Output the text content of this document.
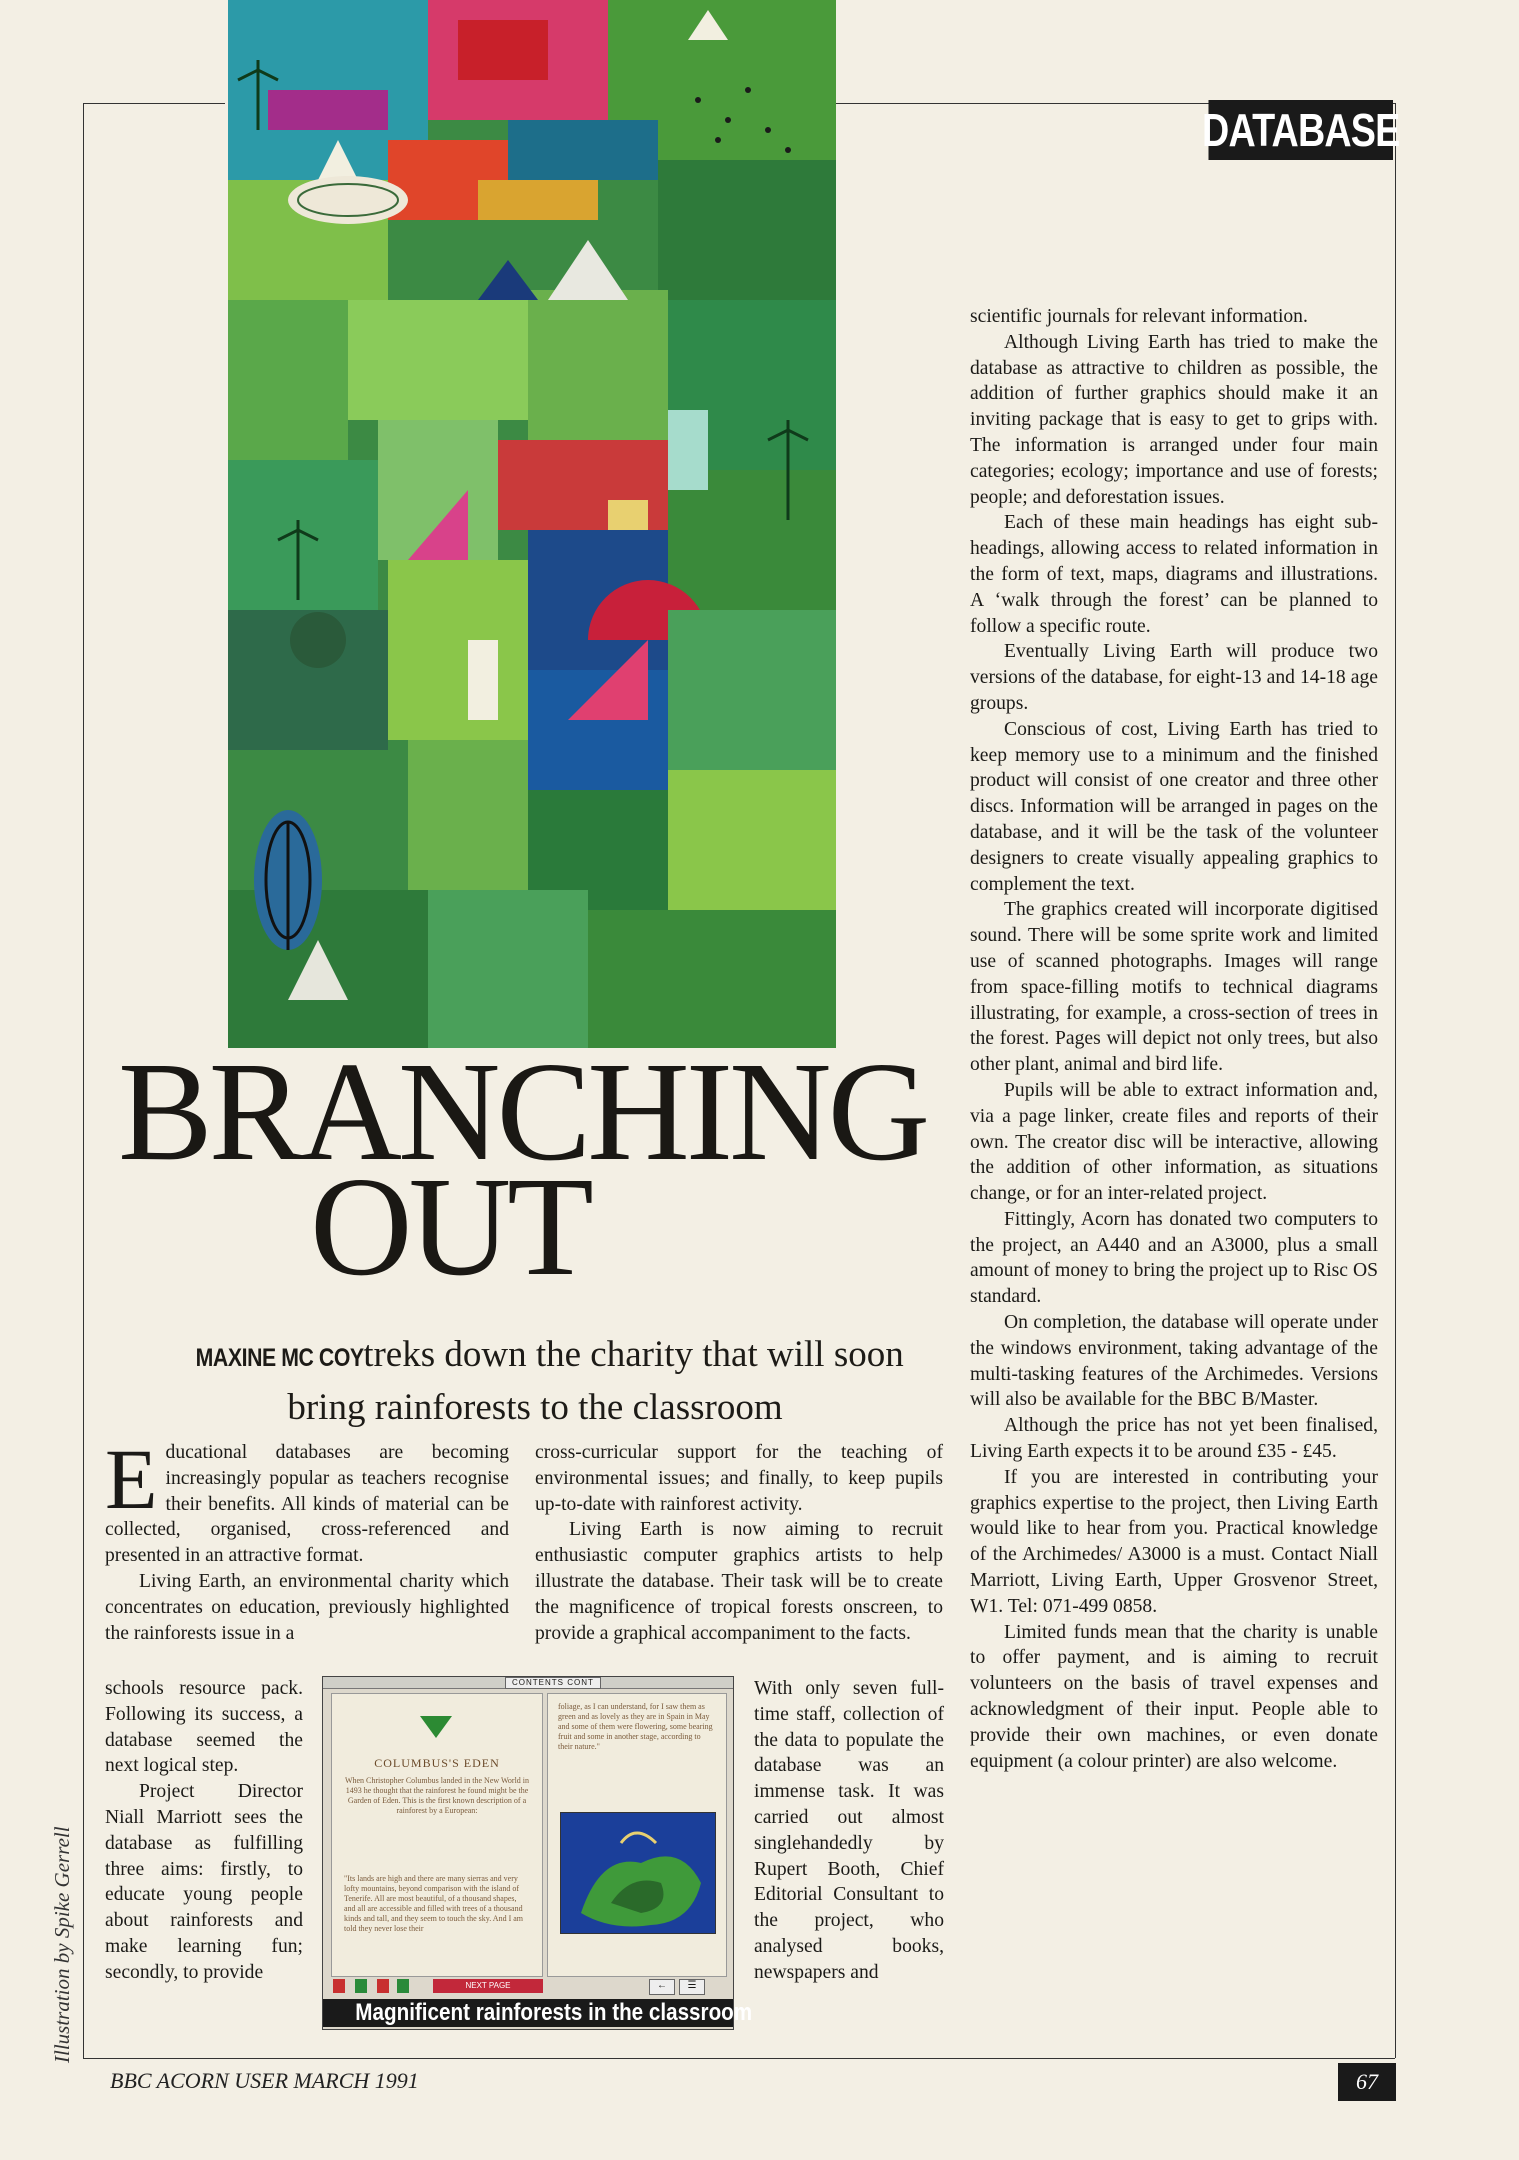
DATABASE
BRANCHING
OUT
MAXINE MC COY treks down the charity that will soon
bring rainforests to the classroom

Educational databases are becoming increasingly popular as teachers recognise their benefits. All kinds of material can be collected, organised, cross-referenced and presented in an attractive format.

Living Earth, an environmental charity which concentrates on education, previously highlighted the rainforests issue in a

schools resource pack. Following its success, a database seemed the next logical step.

Project Director Niall Marriott sees the database as fulfilling three aims: firstly, to educate young people about rainforests and make learning fun; secondly, to provide

cross-curricular support for the teaching of environmental issues; and finally, to keep pupils up-to-date with rainforest activity.

Living Earth is now aiming to recruit enthusiastic computer graphics artists to help illustrate the database. Their task will be to create the magnificence of tropical forests onscreen, to provide a graphical accompaniment to the facts.

With only seven full-time staff, collection of the data to populate the database was an immense task. It was carried out almost singlehandedly by Rupert Booth, Chief Editorial Consultant to the project, who analysed books, newspapers and

CONTENTS CONT
COLUMBUS'S EDEN
When Christopher Columbus landed in the New World in 1493 he thought that the rainforest he found might be the Garden of Eden. This is the first known description of a rainforest by a European:
"Its lands are high and there are many sierras and very lofty mountains, beyond comparison with the island of Tenerife. All are most beautiful, of a thousand shapes, and all are accessible and filled with trees of a thousand kinds and tall, and they seem to touch the sky. And I am told they never lose their
foliage, as I can understand, for I saw them as green and as lovely as they are in Spain in May and some of them were flowering, some bearing fruit and some in another stage, according to their nature."
NEXT PAGE	←	☰
Magnificent rainforests in the classroom

scientific journals for relevant information.

Although Living Earth has tried to make the database as attractive to children as possible, the addition of further graphics should make it an inviting package that is easy to get to grips with. The information is arranged under four main categories; ecology; importance and use of forests; people; and deforestation issues.

Each of these main headings has eight sub-headings, allowing access to related information in the form of text, maps, diagrams and illustrations. A ‘walk through the forest’ can be planned to follow a specific route.

Eventually Living Earth will produce two versions of the database, for eight-13 and 14-18 age groups.

Conscious of cost, Living Earth has tried to keep memory use to a minimum and the finished product will consist of one creator and three other discs. Information will be arranged in pages on the database, and it will be the task of the volunteer designers to create visually appealing graphics to complement the text.

The graphics created will incorporate digitised sound. There will be some sprite work and limited use of scanned photographs. Images will range from space-filling motifs to technical diagrams illustrating, for example, a cross-section of trees in the forest. Pages will depict not only trees, but also other plant, animal and bird life.

Pupils will be able to extract information and, via a page linker, create files and reports of their own. The creator disc will be interactive, allowing the addition of other information, as situations change, or for an inter-related project.

Fittingly, Acorn has donated two computers to the project, an A440 and an A3000, plus a small amount of money to bring the project up to Risc OS standard.

On completion, the database will operate under the windows environment, taking advantage of the multi-tasking features of the Archimedes. Versions will also be available for the BBC B/Master.

Although the price has not yet been finalised, Living Earth expects it to be around £35 - £45.

If you are interested in contributing your graphics expertise to the project, then Living Earth would like to hear from you. Practical knowledge of the Archimedes/ A3000 is a must. Contact Niall Marriott, Living Earth, Upper Grosvenor Street, W1. Tel: 071-499 0858.

Limited funds mean that the charity is unable to offer payment, and is aiming to recruit volunteers on the basis of travel expenses and acknowledgment of their input. People able to provide their own machines, or even donate equipment (a colour printer) are also welcome.

Illustration by Spike Gerrell
BBC ACORN USER MARCH 1991	67
